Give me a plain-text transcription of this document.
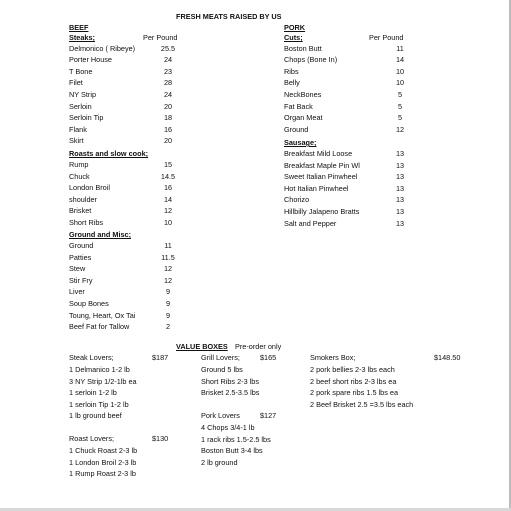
FRESH MEATS RAISED BY US
BEEF
Steaks;	Per Pound
Delmonico ( Ribeye)	25.5
Porter House	24
T Bone	23
Filet	28
NY Strip	24
Serloin	20
Serloin Tip	18
Flank	16
Skirt	20
Roasts and slow cook;
Rump	15
Chuck	14.5
London Broil	16
shoulder	14
Brisket	12
Short Ribs	10
Ground and Misc;
Ground	11
Patties	11.5
Stew	12
Stir Fry	12
Liver	9
Soup Bones	9
Toung, Heart, Ox Tai	9
Beef Fat for Tallow	2
PORK
Cuts;	Per Pound
Boston Butt	11
Chops (Bone In)	14
Ribs	10
Belly	10
NeckBones	5
Fat Back	5
Organ Meat	5
Ground	12
Sausage;
Breakfast Mild Loose	13
Breakfast Maple Pin Wl	13
Sweet Italian Pinwheel	13
Hot Italian Pinwheel	13
Chorizo	13
Hillbilly Jalapeno Bratts	13
Salt and Pepper	13
VALUE BOXES Pre-order only
Steak Lovers;	$187
1 Delmanico 1-2 lb
3 NY Strip 1/2-1lb ea
1 serloin 1-2 lb
1 serloin Tip 1-2 lb
1 lb ground beef
Roast Lovers;	$130
1 Chuck Roast 2-3 lb
1 London Broil 2-3 lb
1 Rump Roast 2-3 lb
Grill Lovers;	$165
Ground 5 lbs
Short Ribs 2-3 lbs
Brisket 2.5-3.5 lbs
Pork Lovers	$127
4 Chops 3/4-1 lb
1 rack ribs 1.5-2.5 lbs
Boston Butt 3-4 lbs
2 lb ground
Smokers Box;	$148.50
2 pork bellies 2-3 lbs each
2 beef short ribs 2-3 lbs ea
2 pork spare ribs 1.5 lbs ea
2 Beef Brisket 2.5 =3.5 lbs each
